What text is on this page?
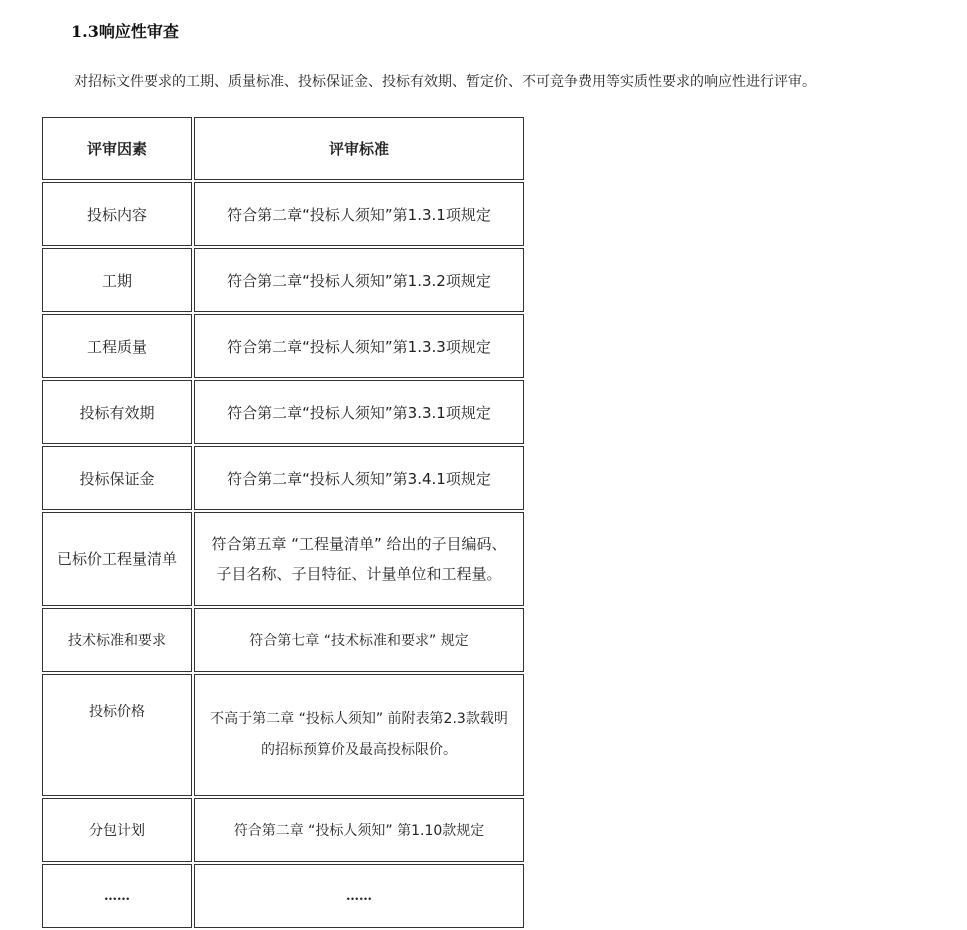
1.3响应性审查
对招标文件要求的工期、质量标准、投标保证金、投标有效期、暂定价、不可竞争费用等实质性要求的响应性进行评审。
评审因素	评审标准
投标内容	符合第二章“投标人须知”第1.3.1项规定
工期	符合第二章“投标人须知”第1.3.2项规定
工程质量	符合第二章“投标人须知”第1.3.3项规定
投标有效期	符合第二章“投标人须知”第3.3.1项规定
投标保证金	符合第二章“投标人须知”第3.4.1项规定
已标价工程量清单	符合第五章 “工程量清单” 给出的子目编码、
子目名称、子目特征、计量单位和工程量。

技术标准和要求	符合第七章 “技术标准和要求” 规定
投标价格	不高于第二章 “投标人须知” 前附表第2.3款载明
的招标预算价及最高投标限价。

分包计划	符合第二章 “投标人须知” 第1.10款规定
……	……
